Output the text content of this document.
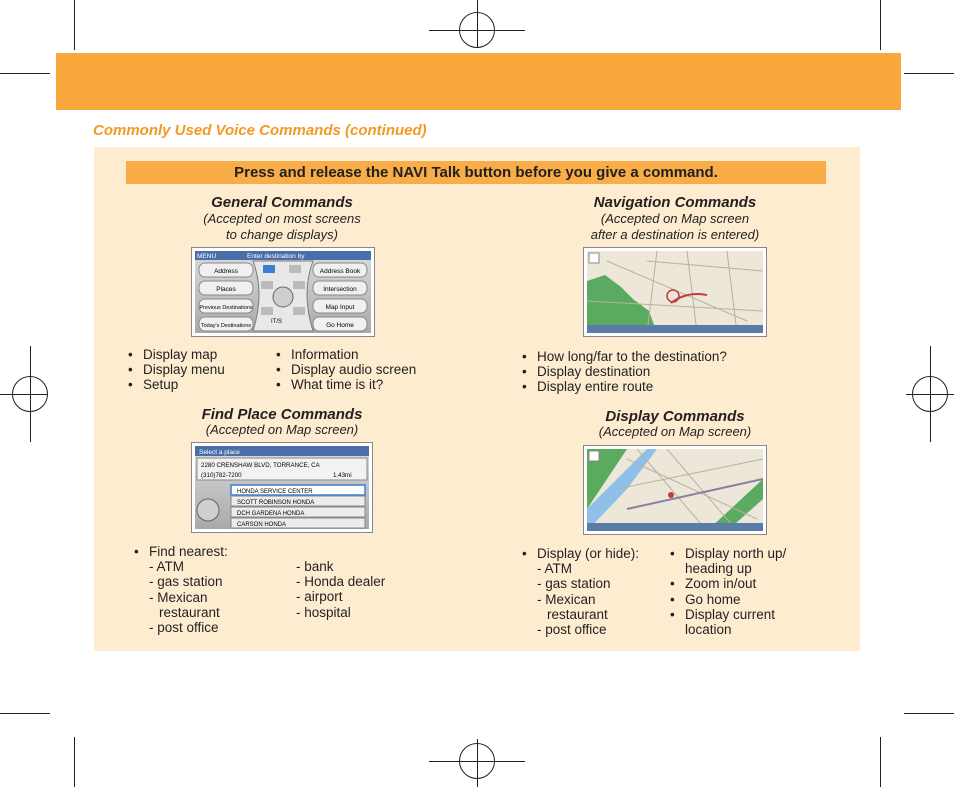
Commonly Used Voice Commands (continued)
Press and release the NAVI Talk button before you give a command.
General Commands
(Accepted on most screens
to change displays)
MENU	Enter destination by
Address
Places
Previous Destinations
Today's Destinations
Address Book
Intersection
Map Input
Go Home
IT/S
• Display map
• Display menu
• Setup
• Information
• Display audio screen
• What time is it?
Find Place Commands
(Accepted on Map screen)
Select a place
2280 CRENSHAW BLVD, TORRANCE, CA
(310)782-7200	1.43mi
HONDA SERVICE CENTER
SCOTT ROBINSON HONDA
DCH GARDENA HONDA
CARSON HONDA
• Find nearest:
- ATM
- gas station
- Mexican
restaurant
- post office
- bank
- Honda dealer
- airport
- hospital
Navigation Commands
(Accepted on Map screen
after a destination is entered)
• How long/far to the destination?
• Display destination
• Display entire route
Display Commands
(Accepted on Map screen)
• Display (or hide):
- ATM
- gas station
- Mexican
restaurant
- post office
• Display north up/
heading up
• Zoom in/out
• Go home
• Display current
location
